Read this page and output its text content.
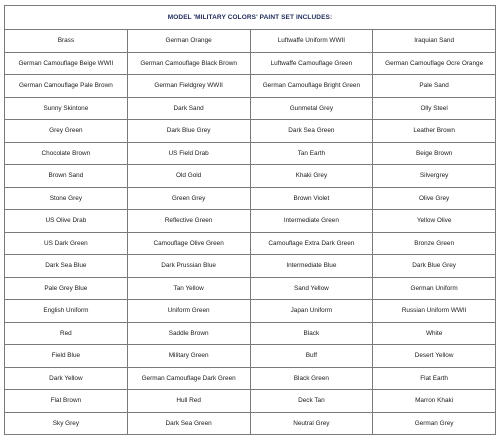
MODEL 'MILITARY COLORS' PAINT SET INCLUDES:			
Brass	German Orange	Luftwaffe Uniform WWII	Iraquian Sand
German Camouflage Beige WWII	German Camouflage Black Brown	Luftwaffe Camouflage Green	German Camouflage Ocre Orange
German Camouflage Pale Brown	German Fieldgrey WWII	German Camouflage Bright Green	Pale Sand
Sunny Skintone	Dark Sand	Gunmetal Grey	Olly Steel
Grey Green	Dark Blue Grey	Dark Sea Green	Leather Brown
Chocolate Brown	US Field Drab	Tan Earth	Beige Brown
Brown Sand	Old Gold	Khaki Grey	Silvergrey
Stone Grey	Green Grey	Brown Violet	Olive Grey
US Olive Drab	Reflective Green	Intermediate Green	Yellow Olive
US Dark Green	Camouflage Olive Green	Camouflage Extra Dark Green	Bronze Green
Dark Sea Blue	Dark Prussian Blue	Intermediate Blue	Dark Blue Grey
Pale Grey Blue	Tan Yellow	Sand Yellow	German Uniform
English Uniform	Uniform Green	Japan Uniform	Russian Uniform WWII
Red	Saddle Brown	Black	White
Field Blue	Military Green	Buff	Desert Yellow
Dark Yellow	German Camouflage Dark Green	Black Green	Flat Earth
Flat Brown	Hull Red	Deck Tan	Marron Khaki
Sky Grey	Dark Sea Green	Neutral Grey	German Grey
